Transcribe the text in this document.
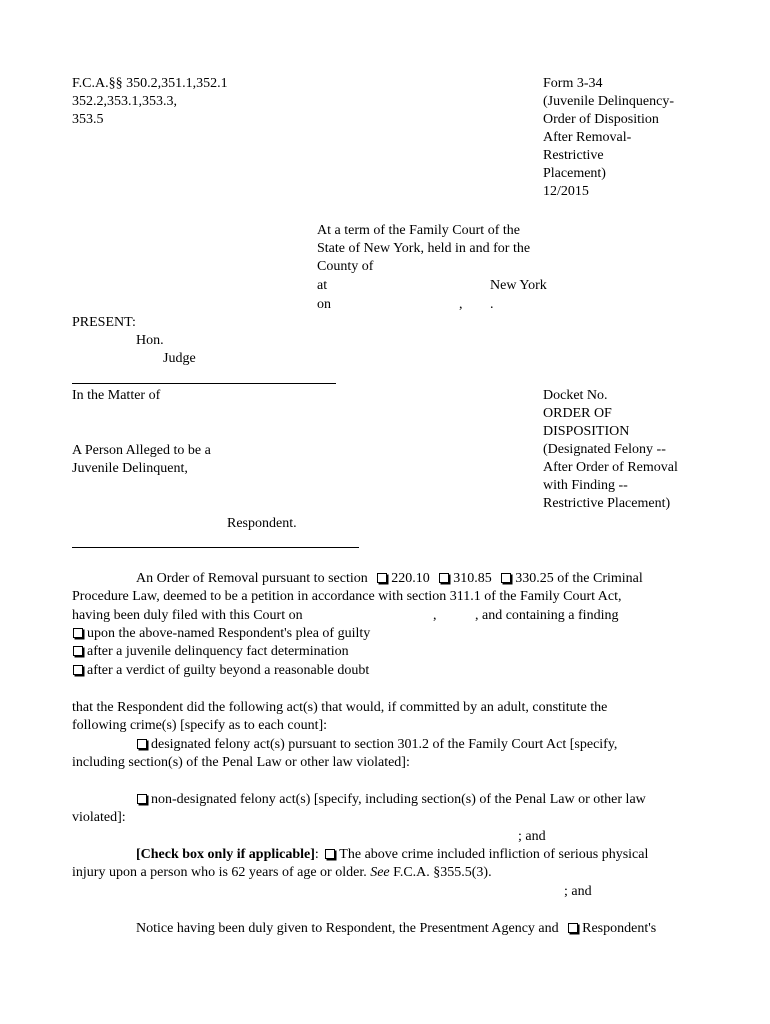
F.C.A.§§ 350.2,351.1,352.1
352.2,353.1,353.3,
353.5
Form 3-34
(Juvenile Delinquency-
Order of Disposition
After Removal-
Restrictive
Placement)
12/2015
At a term of the Family Court of the
State of New York, held in and for the
County of
at	New York
on	, .
PRESENT:
Hon.
Judge
In the Matter of
A Person Alleged to be a
Juvenile Delinquent,
Respondent.
Docket No.
ORDER OF
DISPOSITION
(Designated Felony --
After Order of Removal
with Finding --
Restrictive Placement)
An Order of Removal pursuant to section 220.10 310.85 330.25 of the Criminal
Procedure Law, deemed to be a petition in accordance with section 311.1 of the Family Court Act,
having been duly filed with this Court on	,	, and containing a finding
upon the above-named Respondent's plea of guilty
after a juvenile delinquency fact determination
after a verdict of guilty beyond a reasonable doubt
that the Respondent did the following act(s) that would, if committed by an adult, constitute the
following crime(s) [specify as to each count]:
designated felony act(s) pursuant to section 301.2 of the Family Court Act [specify,
including section(s) of the Penal Law or other law violated]:
non-designated felony act(s) [specify, including section(s) of the Penal Law or other law
violated]:
; and
[Check box only if applicable]: The above crime included infliction of serious physical
injury upon a person who is 62 years of age or older. See F.C.A. §355.5(3).
; and
Notice having been duly given to Respondent, the Presentment Agency and Respondent's
